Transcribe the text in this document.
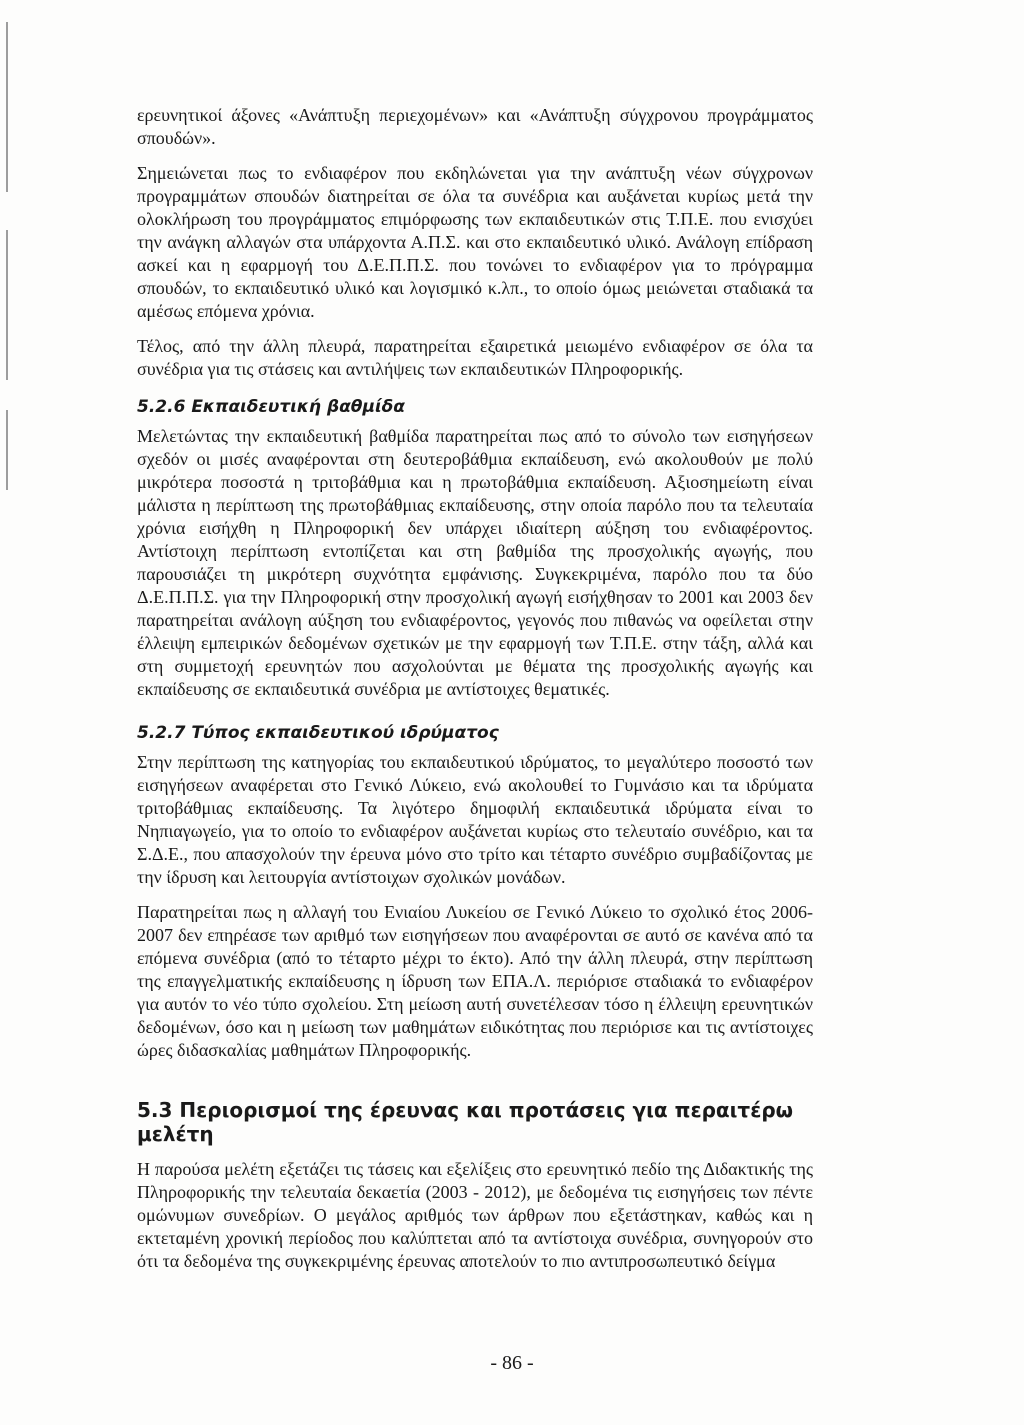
ερευνητικοί άξονες «Ανάπτυξη περιεχομένων» και «Ανάπτυξη σύγχρονου προγράμματος σπουδών».

Σημειώνεται πως το ενδιαφέρον που εκδηλώνεται για την ανάπτυξη νέων σύγχρονων προγραμμάτων σπουδών διατηρείται σε όλα τα συνέδρια και αυξάνεται κυρίως μετά την ολοκλήρωση του προγράμματος επιμόρφωσης των εκπαιδευτικών στις Τ.Π.Ε. που ενισχύει την ανάγκη αλλαγών στα υπάρχοντα Α.Π.Σ. και στο εκπαιδευτικό υλικό. Ανάλογη επίδραση ασκεί και η εφαρμογή του Δ.Ε.Π.Π.Σ. που τονώνει το ενδιαφέρον για το πρόγραμμα σπουδών, το εκπαιδευτικό υλικό και λογισμικό κ.λπ., το οποίο όμως μειώνεται σταδιακά τα αμέσως επόμενα χρόνια.

Τέλος, από την άλλη πλευρά, παρατηρείται εξαιρετικά μειωμένο ενδιαφέρον σε όλα τα συνέδρια για τις στάσεις και αντιλήψεις των εκπαιδευτικών Πληροφορικής.

5.2.6 Εκπαιδευτική βαθμίδα

Μελετώντας την εκπαιδευτική βαθμίδα παρατηρείται πως από το σύνολο των εισηγήσεων σχεδόν οι μισές αναφέρονται στη δευτεροβάθμια εκπαίδευση, ενώ ακολουθούν με πολύ μικρότερα ποσοστά η τριτοβάθμια και η πρωτοβάθμια εκπαίδευση. Αξιοσημείωτη είναι μάλιστα η περίπτωση της πρωτοβάθμιας εκπαίδευσης, στην οποία παρόλο που τα τελευταία χρόνια εισήχθη η Πληροφορική δεν υπάρχει ιδιαίτερη αύξηση του ενδιαφέροντος. Αντίστοιχη περίπτωση εντοπίζεται και στη βαθμίδα της προσχολικής αγωγής, που παρουσιάζει τη μικρότερη συχνότητα εμφάνισης. Συγκεκριμένα, παρόλο που τα δύο Δ.Ε.Π.Π.Σ. για την Πληροφορική στην προσχολική αγωγή εισήχθησαν το 2001 και 2003 δεν παρατηρείται ανάλογη αύξηση του ενδιαφέροντος, γεγονός που πιθανώς να οφείλεται στην έλλειψη εμπειρικών δεδομένων σχετικών με την εφαρμογή των Τ.Π.Ε. στην τάξη, αλλά και στη συμμετοχή ερευνητών που ασχολούνται με θέματα της προσχολικής αγωγής και εκπαίδευσης σε εκπαιδευτικά συνέδρια με αντίστοιχες θεματικές.

5.2.7 Τύπος εκπαιδευτικού ιδρύματος

Στην περίπτωση της κατηγορίας του εκπαιδευτικού ιδρύματος, το μεγαλύτερο ποσοστό των εισηγήσεων αναφέρεται στο Γενικό Λύκειο, ενώ ακολουθεί το Γυμνάσιο και τα ιδρύματα τριτοβάθμιας εκπαίδευσης. Τα λιγότερο δημοφιλή εκπαιδευτικά ιδρύματα είναι το Νηπιαγωγείο, για το οποίο το ενδιαφέρον αυξάνεται κυρίως στο τελευταίο συνέδριο, και τα Σ.Δ.Ε., που απασχολούν την έρευνα μόνο στο τρίτο και τέταρτο συνέδριο συμβαδίζοντας με την ίδρυση και λειτουργία αντίστοιχων σχολικών μονάδων.

Παρατηρείται πως η αλλαγή του Ενιαίου Λυκείου σε Γενικό Λύκειο το σχολικό έτος 2006-2007 δεν επηρέασε των αριθμό των εισηγήσεων που αναφέρονται σε αυτό σε κανένα από τα επόμενα συνέδρια (από το τέταρτο μέχρι το έκτο). Από την άλλη πλευρά, στην περίπτωση της επαγγελματικής εκπαίδευσης η ίδρυση των ΕΠΑ.Λ. περιόρισε σταδιακά το ενδιαφέρον για αυτόν το νέο τύπο σχολείου. Στη μείωση αυτή συνετέλεσαν τόσο η έλλειψη ερευνητικών δεδομένων, όσο και η μείωση των μαθημάτων ειδικότητας που περιόρισε και τις αντίστοιχες ώρες διδασκαλίας μαθημάτων Πληροφορικής.

5.3 Περιορισμοί της έρευνας και προτάσεις για περαιτέρω μελέτη

Η παρούσα μελέτη εξετάζει τις τάσεις και εξελίξεις στο ερευνητικό πεδίο της Διδακτικής της Πληροφορικής την τελευταία δεκαετία (2003 - 2012), με δεδομένα τις εισηγήσεις των πέντε ομώνυμων συνεδρίων. Ο μεγάλος αριθμός των άρθρων που εξετάστηκαν, καθώς και η εκτεταμένη χρονική περίοδος που καλύπτεται από τα αντίστοιχα συνέδρια, συνηγορούν στο ότι τα δεδομένα της συγκεκριμένης έρευνας αποτελούν το πιο αντιπροσωπευτικό δείγμα

- 86 -
